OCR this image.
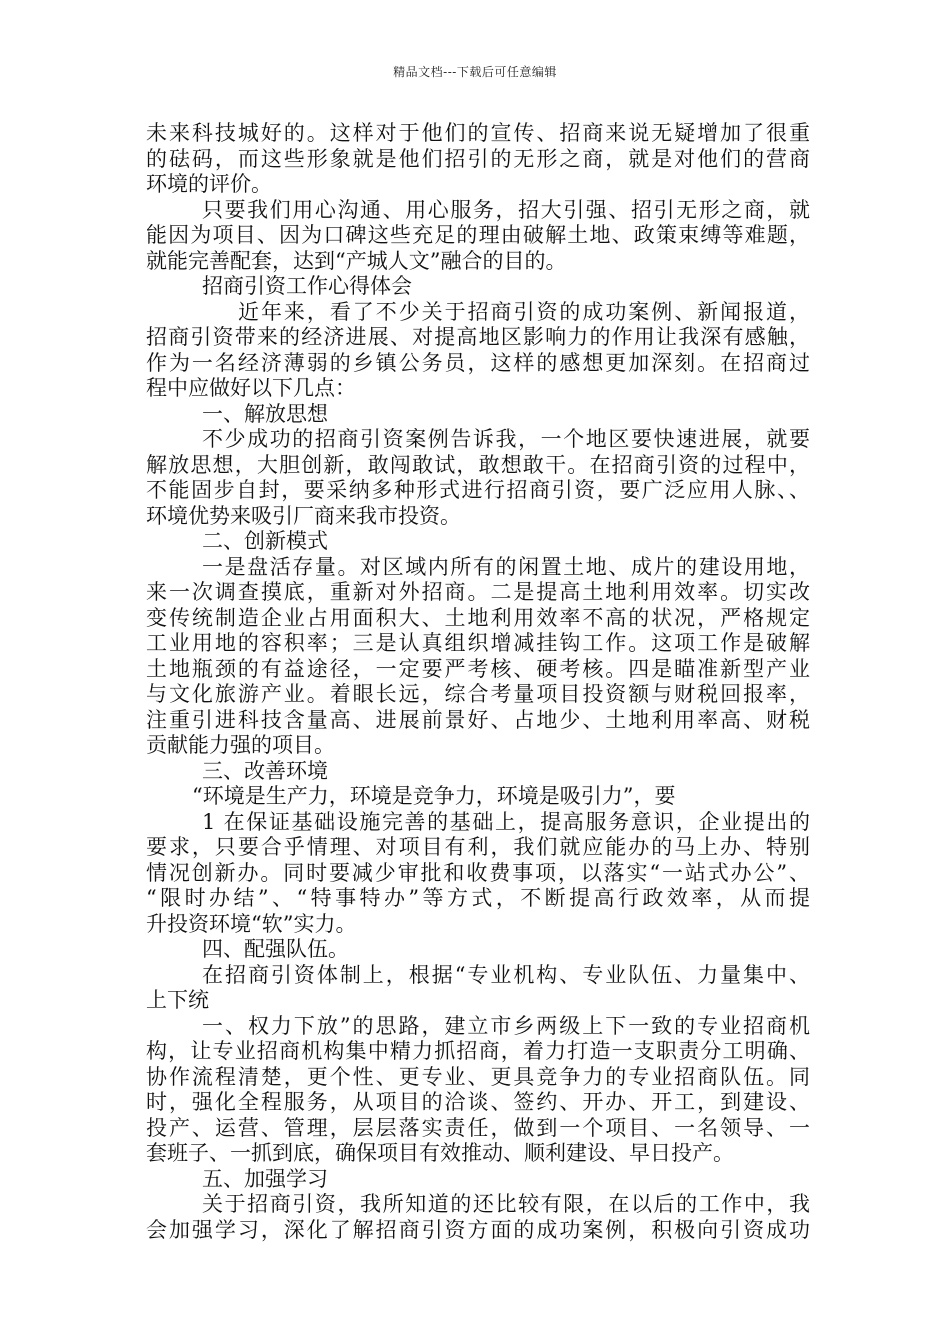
精品文档---下载后可任意编辑
未来科技城好的。这样对于他们的宣传、招商来说无疑增加了很重
的砝码，而这些形象就是他们招引的无形之商，就是对他们的营商
环境的评价。
只要我们用心沟通、用心服务，招大引强、招引无形之商，就
能因为项目、因为口碑这些充足的理由破解土地、政策束缚等难题，
就能完善配套，达到“产城人文”融合的目的。
招商引资工作心得体会
近年来，看了不少关于招商引资的成功案例、新闻报道，
招商引资带来的经济进展、对提高地区影响力的作用让我深有感触，
作为一名经济薄弱的乡镇公务员，这样的感想更加深刻。在招商过
程中应做好以下几点：
一、解放思想
不少成功的招商引资案例告诉我，一个地区要快速进展，就要
解放思想，大胆创新，敢闯敢试，敢想敢干。在招商引资的过程中，
不能固步自封，要采纳多种形式进行招商引资，要广泛应用人脉、、
环境优势来吸引厂商来我市投资。
二、创新模式
一是盘活存量。对区域内所有的闲置土地、成片的建设用地，
来一次调查摸底，重新对外招商。二是提高土地利用效率。切实改
变传统制造企业占用面积大、土地利用效率不高的状况，严格规定
工业用地的容积率；三是认真组织增减挂钩工作。这项工作是破解
土地瓶颈的有益途径，一定要严考核、硬考核。四是瞄准新型产业
与文化旅游产业。着眼长远，综合考量项目投资额与财税回报率，
注重引进科技含量高、进展前景好、占地少、土地利用率高、财税
贡献能力强的项目。
三、改善环境
“环境是生产力，环境是竞争力，环境是吸引力”，要
1 在保证基础设施完善的基础上，提高服务意识，企业提出的
要求，只要合乎情理、对项目有利，我们就应能办的马上办、特别
情况创新办。同时要减少审批和收费事项，以落实“一站式办公”、
“限时办结”、“特事特办”等方式，不断提高行政效率，从而提
升投资环境“软”实力。
四、配强队伍。
在招商引资体制上，根据“专业机构、专业队伍、力量集中、
上下统
一、权力下放”的思路，建立市乡两级上下一致的专业招商机
构，让专业招商机构集中精力抓招商，着力打造一支职责分工明确、
协作流程清楚，更个性、更专业、更具竞争力的专业招商队伍。同
时，强化全程服务，从项目的洽谈、签约、开办、开工，到建设、
投产、运营、管理，层层落实责任，做到一个项目、一名领导、一
套班子、一抓到底，确保项目有效推动、顺利建设、早日投产。
五、加强学习
关于招商引资，我所知道的还比较有限，在以后的工作中，我
会加强学习，深化了解招商引资方面的成功案例，积极向引资成功
